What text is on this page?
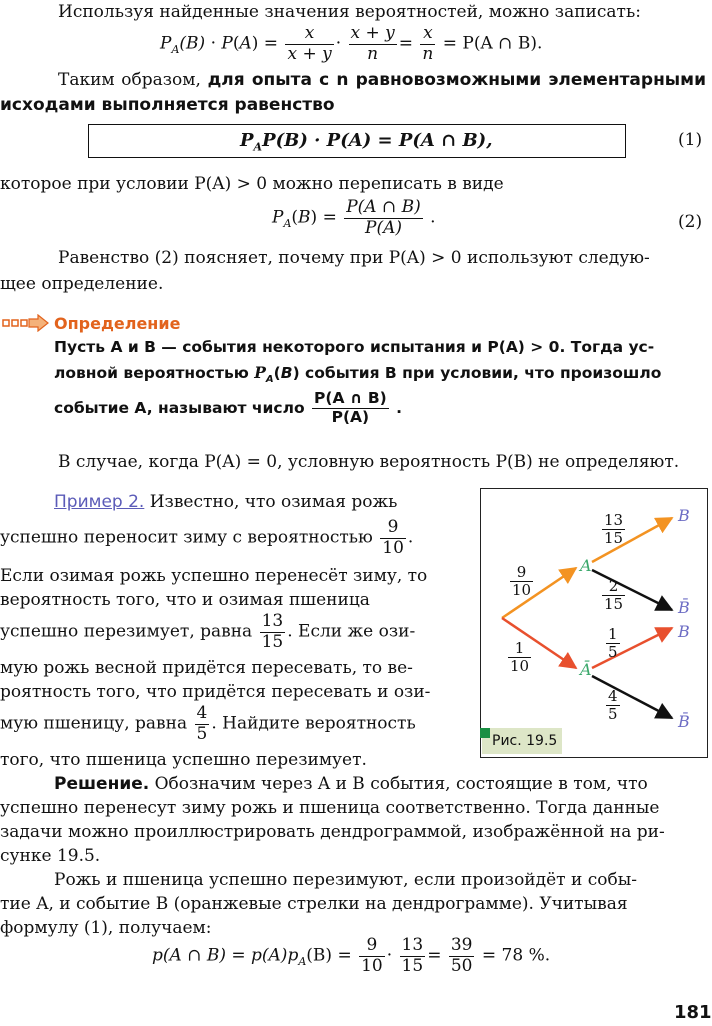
Используя найденные значения вероятностей, можно записать:
$P_A(B) \cdot P(A) = \frac{x}{x + y} \cdot \frac{x + y}{n} = \frac{x}{n} = P(A$ ∩ B).
Таким образом, для опыта с n равновозможными элементарными исходами выполняется равенство
$P_AP(B) \cdot P(A) = P(A$ ∩ B),	(1)
которое при условии P(A) > 0 можно переписать в виде
$P_A(B) = \frac{P(A \cap B)}{P(A)}$ .	(2)
Равенство (2) поясняет, почему при P(A) > 0 используют следую-
щее определение.
Определение
Пусть A и B — события некоторого испытания и P(A) > 0. Тогда ус-
ловной вероятностью $P_A(B)$ события B при условии, что произошло
событие A, называют число $\frac{P(A \cap B)}{P(A)}$ .
В случае, когда P(A) = 0, условную вероятность P(B) не определяют.
Пример 2. Известно, что озимая рожь
успешно переносит зиму с вероятностью $\frac{9}{10}$ .
Если озимая рожь успешно перенесёт зиму, то
вероятность того, что и озимая пшеница
успешно перезимует, равна $\frac{13}{15}$ . Если же ози-
мую рожь весной придётся пересевать, то ве-
роятность того, что придётся пересевать и ози-
мую пшеницу, равна $\frac{4}{5}$ . Найдите вероятность
того, что пшеница успешно перезимует.
A
Ā
B
B̄
B
B̄
$\frac{9}{10}$
$\frac{1}{10}$
$\frac{13}{15}$
$\frac{2}{15}$
$\frac{1}{5}$
$\frac{4}{5}$
Рис. 19.5
Решение. Обозначим через A и B события, состоящие в том, что
успешно перенесут зиму рожь и пшеница соответственно. Тогда данные
задачи можно проиллюстрировать дендрограммой, изображённой на ри-
сунке 19.5.
Рожь и пшеница успешно перезимуют, если произойдёт и собы-
тие A, и событие B (оранжевые стрелки на дендрограмме). Учитывая
формулу (1), получаем:
p(A ∩ $B) = p(A)p_A(B) = \frac{9}{10} \cdot \frac{13}{15} = \frac{39}{50} = 78$ %.
181
